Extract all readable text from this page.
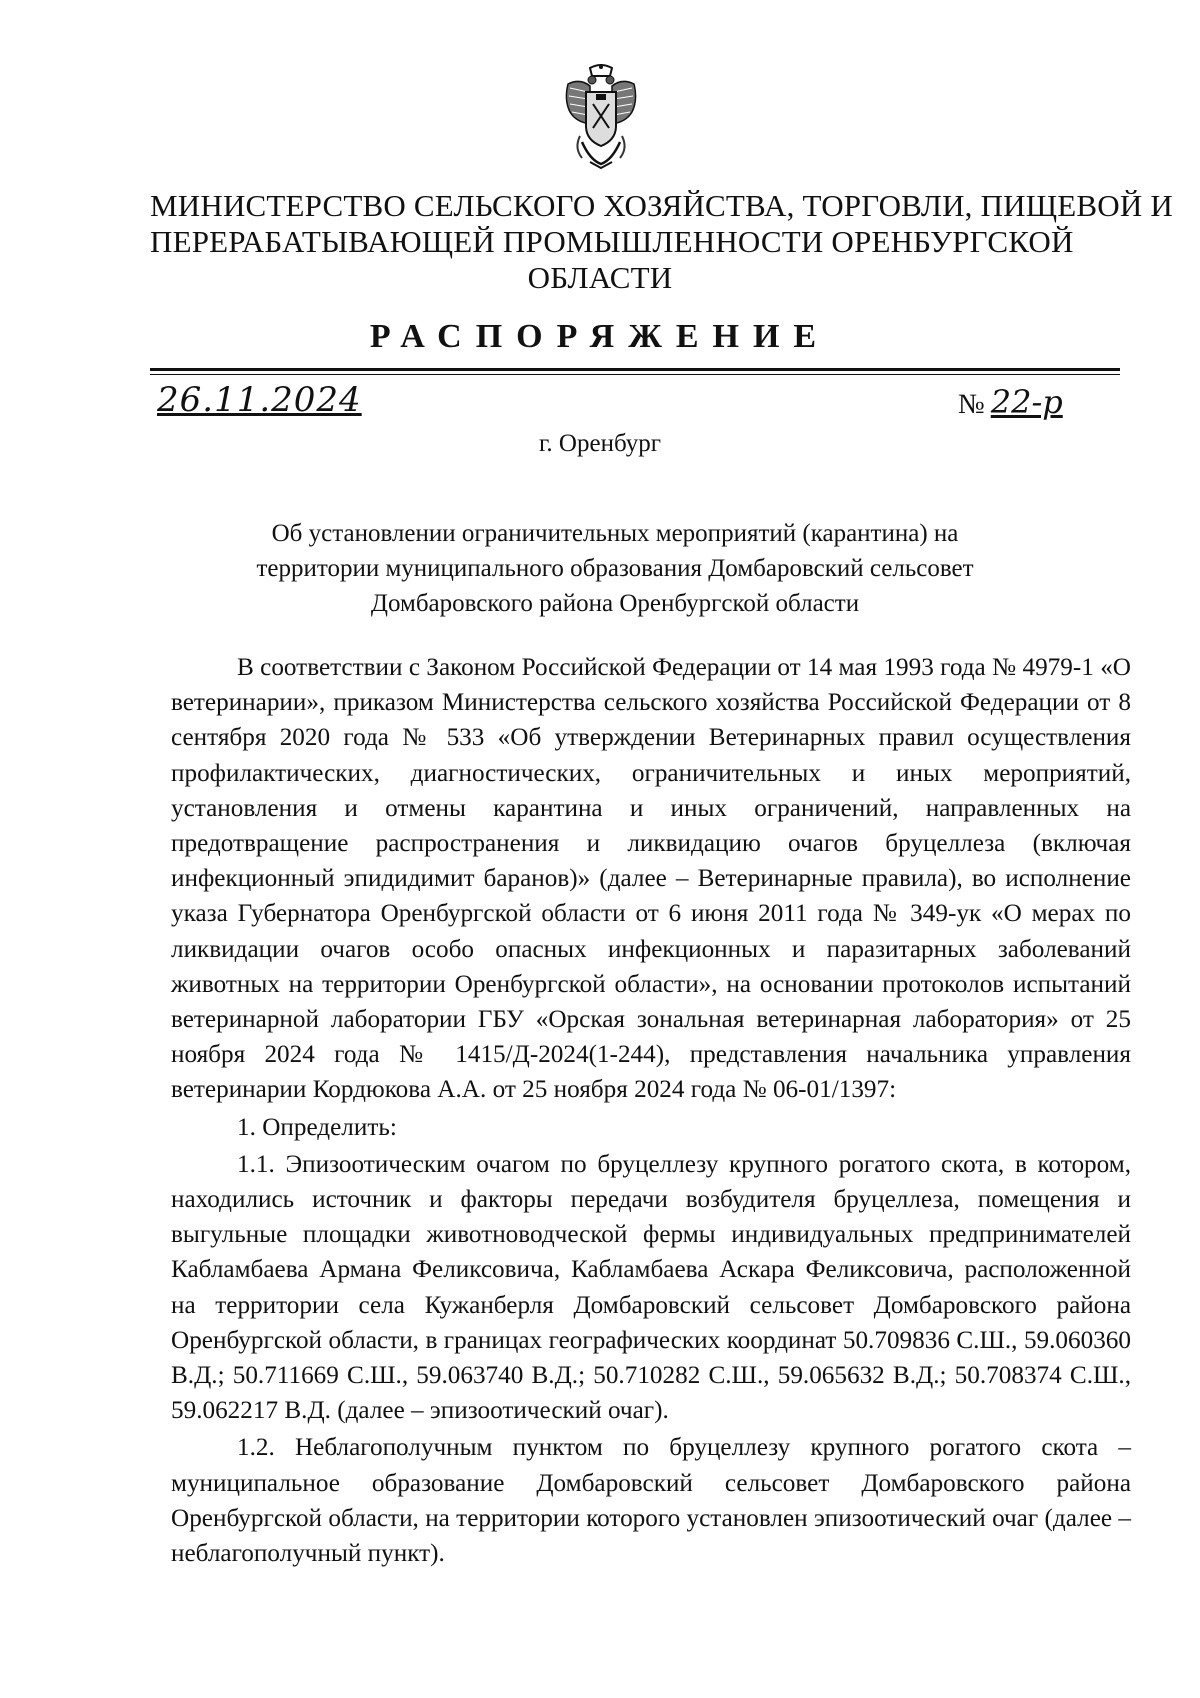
МИНИСТЕРСТВО СЕЛЬСКОГО ХОЗЯЙСТВА, ТОРГОВЛИ, ПИЩЕВОЙ И
ПЕРЕРАБАТЫВАЮЩЕЙ ПРОМЫШЛЕННОСТИ ОРЕНБУРГСКОЙ
ОБЛАСТИ
РАСПОРЯЖЕНИЕ
26.11.2024	№ 22-р
г. Оренбург
Об установлении ограничительных мероприятий (карантина) на
территории муниципального образования Домбаровский сельсовет
Домбаровского района Оренбургской области

В соответствии с Законом Российской Федерации от 14 мая 1993 года № 4979-1 «О ветеринарии», приказом Министерства сельского хозяйства Российской Федерации от 8 сентября 2020 года № 533 «Об утверждении Ветеринарных правил осуществления профилактических, диагностических, ограничительных и иных мероприятий, установления и отмены карантина и иных ограничений, направленных на предотвращение распространения и ликвидацию очагов бруцеллеза (включая инфекционный эпидидимит баранов)» (далее – Ветеринарные правила), во исполнение указа Губернатора Оренбургской области от 6 июня 2011 года № 349-ук «О мерах по ликвидации очагов особо опасных инфекционных и паразитарных заболеваний животных на территории Оренбургской области», на основании протоколов испытаний ветеринарной лаборатории ГБУ «Орская зональная ветеринарная лаборатория» от 25 ноября 2024 года № 1415/Д-2024(1-244), представления начальника управления ветеринарии Кордюкова А.А. от 25 ноября 2024 года № 06-01/1397:

1. Определить:

1.1. Эпизоотическим очагом по бруцеллезу крупного рогатого скота, в котором, находились источник и факторы передачи возбудителя бруцеллеза, помещения и выгульные площадки животноводческой фермы индивидуальных предпринимателей Кабламбаева Армана Феликсовича, Кабламбаева Аскара Феликсовича, расположенной на территории села Кужанберля Домбаровский сельсовет Домбаровского района Оренбургской области, в границах географических координат 50.709836 С.Ш., 59.060360 В.Д.; 50.711669 С.Ш., 59.063740 В.Д.; 50.710282 С.Ш., 59.065632 В.Д.; 50.708374 С.Ш., 59.062217 В.Д. (далее – эпизоотический очаг).

1.2. Неблагополучным пунктом по бруцеллезу крупного рогатого скота – муниципальное образование Домбаровский сельсовет Домбаровского района Оренбургской области, на территории которого установлен эпизоотический очаг (далее – неблагополучный пункт).
